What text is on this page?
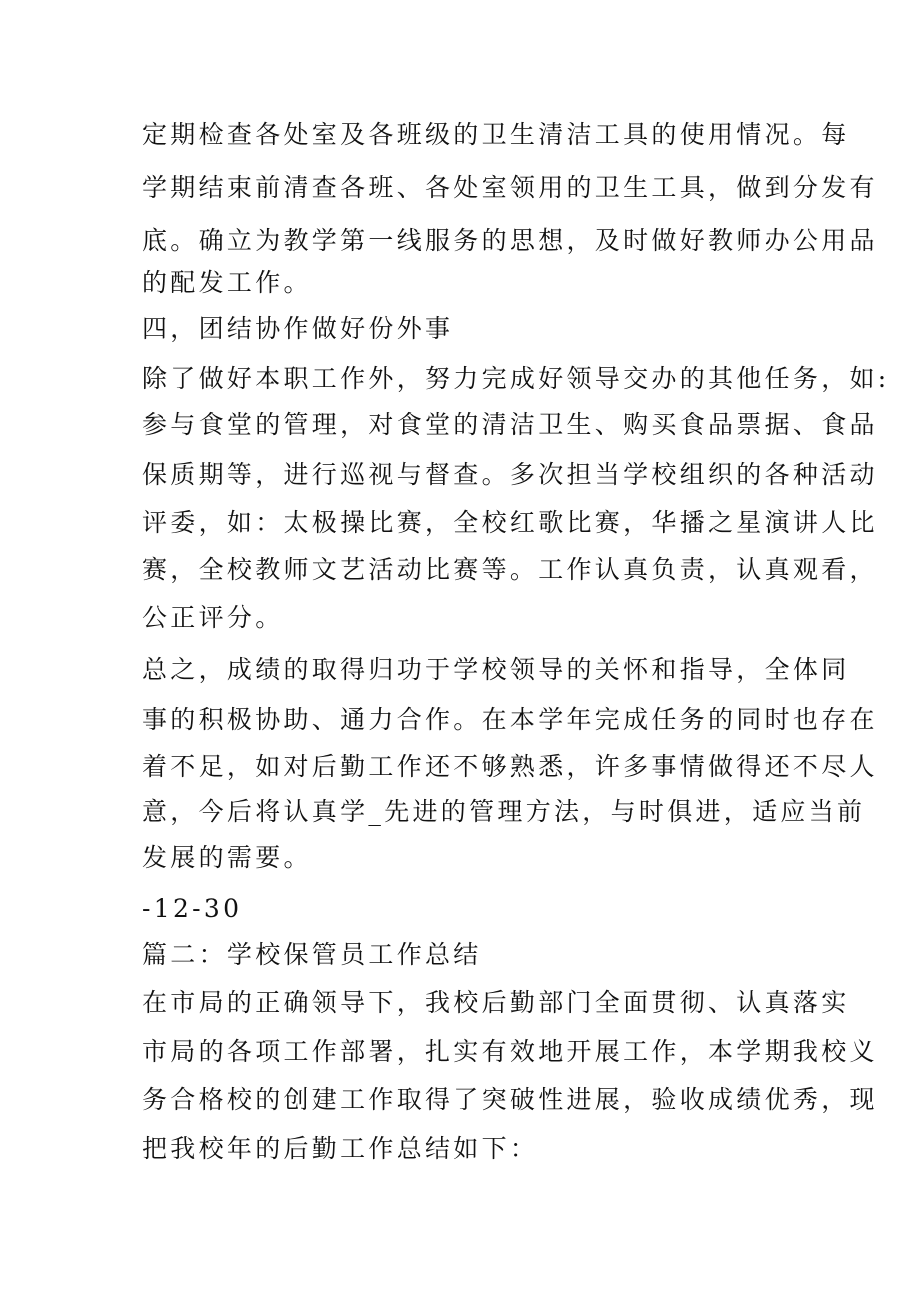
定期检查各处室及各班级的卫生清洁工具的使用情况。每
学期结束前清查各班、各处室领用的卫生工具，做到分发有
底。确立为教学第一线服务的思想，及时做好教师办公用品
的配发工作。
四，团结协作做好份外事
除了做好本职工作外，努力完成好领导交办的其他任务，如:
参与食堂的管理，对食堂的清洁卫生、购买食品票据、食品
保质期等，进行巡视与督查。多次担当学校组织的各种活动
评委，如：太极操比赛，全校红歌比赛，华播之星演讲人比
赛，全校教师文艺活动比赛等。工作认真负责，认真观看，
公正评分。
总之，成绩的取得归功于学校领导的关怀和指导，全体同
事的积极协助、通力合作。在本学年完成任务的同时也存在
着不足，如对后勤工作还不够熟悉，许多事情做得还不尽人
意，今后将认真学_先进的管理方法，与时俱进，适应当前
发展的需要。
-12-30
篇二：学校保管员工作总结
在市局的正确领导下，我校后勤部门全面贯彻、认真落实
市局的各项工作部署，扎实有效地开展工作，本学期我校义
务合格校的创建工作取得了突破性进展，验收成绩优秀，现
把我校年的后勤工作总结如下：
